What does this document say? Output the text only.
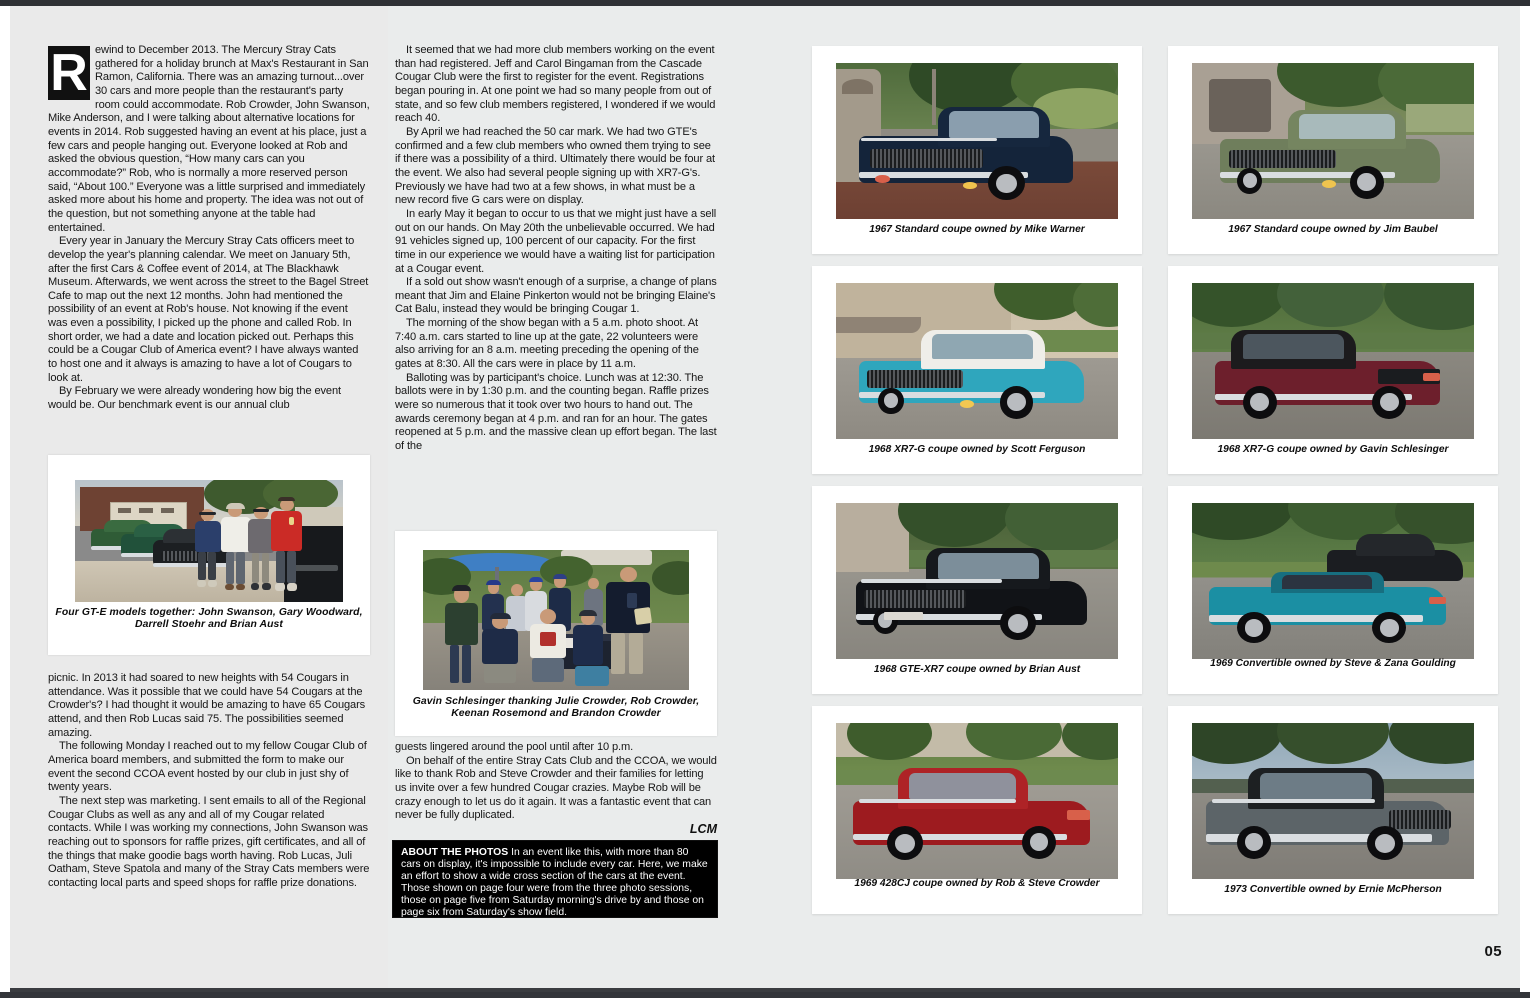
R ewind to December 2013. The Mercury Stray Cats gathered for a holiday brunch at Max's Restaurant in San Ramon, California. There was an amazing turnout...over 30 cars and more people than the restaurant's party room could accommodate. Rob Crowder, John Swanson, Mike Anderson, and I were talking about alternative locations for events in 2014. Rob suggested having an event at his place, just a few cars and people hanging out. Everyone looked at Rob and asked the obvious question, “How many cars can you accommodate?” Rob, who is normally a more reserved person said, “About 100.” Everyone was a little surprised and immediately asked more about his home and property. The idea was not out of the question, but not something anyone at the table had entertained.

Every year in January the Mercury Stray Cats officers meet to develop the year's planning calendar. We meet on January 5th, after the first Cars & Coffee event of 2014, at The Blackhawk Museum. Afterwards, we went across the street to the Bagel Street Cafe to map out the next 12 months. John had mentioned the possibility of an event at Rob's house. Not knowing if the event was even a possibility, I picked up the phone and called Rob. In short order, we had a date and location picked out. Perhaps this could be a Cougar Club of America event? I have always wanted to host one and it always is amazing to have a lot of Cougars to look at.

By February we were already wondering how big the event would be. Our benchmark event is our annual club

Four GT-E models together: John Swanson, Gary Woodward, Darrell Stoehr and Brian Aust

picnic. In 2013 it had soared to new heights with 54 Cougars in attendance. Was it possible that we could have 54 Cougars at the Crowder's? I had thought it would be amazing to have 65 Cougars attend, and then Rob Lucas said 75. The possibilities seemed amazing.

The following Monday I reached out to my fellow Cougar Club of America board members, and submitted the form to make our event the second CCOA event hosted by our club in just shy of twenty years.

The next step was marketing. I sent emails to all of the Regional Cougar Clubs as well as any and all of my Cougar related contacts. While I was working my connections, John Swanson was reaching out to sponsors for raffle prizes, gift certificates, and all of the things that make goodie bags worth having. Rob Lucas, Juli Oatham, Steve Spatola and many of the Stray Cats members were contacting local parts and speed shops for raffle prize donations.

It seemed that we had more club members working on the event than had registered. Jeff and Carol Bingaman from the Cascade Cougar Club were the first to register for the event. Registrations began pouring in. At one point we had so many people from out of state, and so few club members registered, I wondered if we would reach 40.

By April we had reached the 50 car mark. We had two GTE's confirmed and a few club members who owned them trying to see if there was a possibility of a third. Ultimately there would be four at the event. We also had several people signing up with XR7-G's. Previously we have had two at a few shows, in what must be a new record five G cars were on display.

In early May it began to occur to us that we might just have a sell out on our hands. On May 20th the unbelievable occurred. We had 91 vehicles signed up, 100 percent of our capacity. For the first time in our experience we would have a waiting list for participation at a Cougar event.

If a sold out show wasn't enough of a surprise, a change of plans meant that Jim and Elaine Pinkerton would not be bringing Elaine's Cat Balu, instead they would be bringing Cougar 1.

The morning of the show began with a 5 a.m. photo shoot. At 7:40 a.m. cars started to line up at the gate, 22 volunteers were also arriving for an 8 a.m. meeting preceding the opening of the gates at 8:30. All the cars were in place by 11 a.m.

Balloting was by participant's choice. Lunch was at 12:30. The ballots were in by 1:30 p.m. and the counting began. Raffle prizes were so numerous that it took over two hours to hand out. The awards ceremony began at 4 p.m. and ran for an hour. The gates reopened at 5 p.m. and the massive clean up effort began. The last of the

Gavin Schlesinger thanking Julie Crowder, Rob Crowder, Keenan Rosemond and Brandon Crowder

guests lingered around the pool until after 10 p.m.

On behalf of the entire Stray Cats Club and the CCOA, we would like to thank Rob and Steve Crowder and their families for letting us invite over a few hundred Cougar crazies. Maybe Rob will be crazy enough to let us do it again. It was a fantastic event that can never be fully duplicated.

LCM
ABOUT THE PHOTOS In an event like this, with more than 80 cars on display, it's impossible to include every car. Here, we make an effort to show a wide cross section of the cars at the event. Those shown on page four were from the three photo sessions, those on page five from Saturday morning's drive by and those on page six from Saturday's show field.
1967 Standard coupe owned by Mike Warner	1967 Standard coupe owned by Jim Baubel
1968 XR7-G coupe owned by Scott Ferguson	1968 XR7-G coupe owned by Gavin Schlesinger
1968 GTE-XR7 coupe owned by Brian Aust
1969 Convertible owned by Steve & Zana Goulding
1969 428CJ coupe owned by Rob & Steve Crowder
1973 Convertible owned by Ernie McPherson
05
